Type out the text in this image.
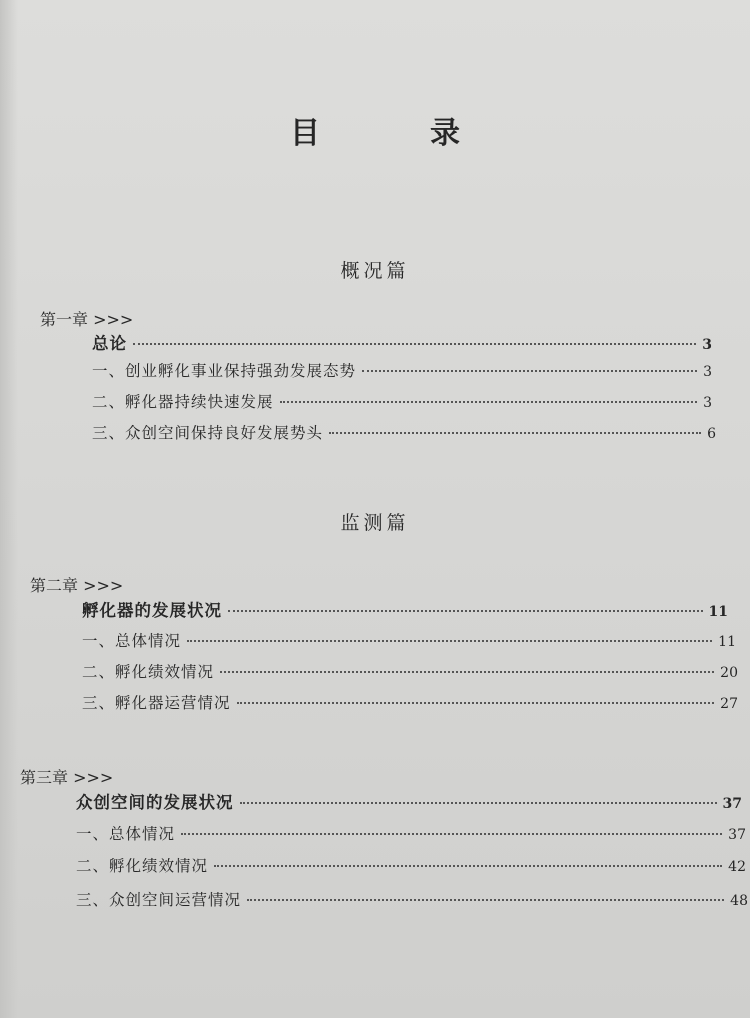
目　录
概况篇
第一章 >>>
总论	3
一、创业孵化事业保持强劲发展态势	3
二、孵化器持续快速发展	3
三、众创空间保持良好发展势头	6
监测篇
第二章 >>>
孵化器的发展状况	11
一、总体情况	11
二、孵化绩效情况	20
三、孵化器运营情况	27
第三章 >>>
众创空间的发展状况	37
一、总体情况	37
二、孵化绩效情况	42
三、众创空间运营情况	48
